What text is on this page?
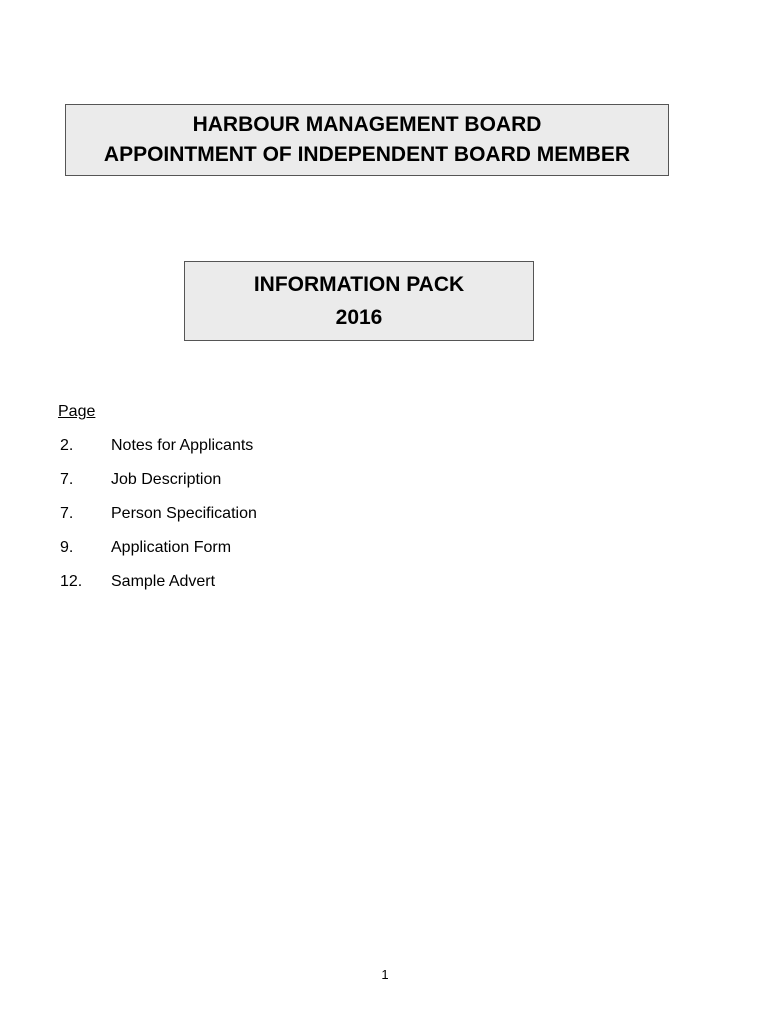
HARBOUR MANAGEMENT BOARD
APPOINTMENT OF INDEPENDENT BOARD MEMBER
INFORMATION PACK
2016
Page
2.	Notes for Applicants
7.	Job Description
7.	Person Specification
9.	Application Form
12.	Sample Advert
1
